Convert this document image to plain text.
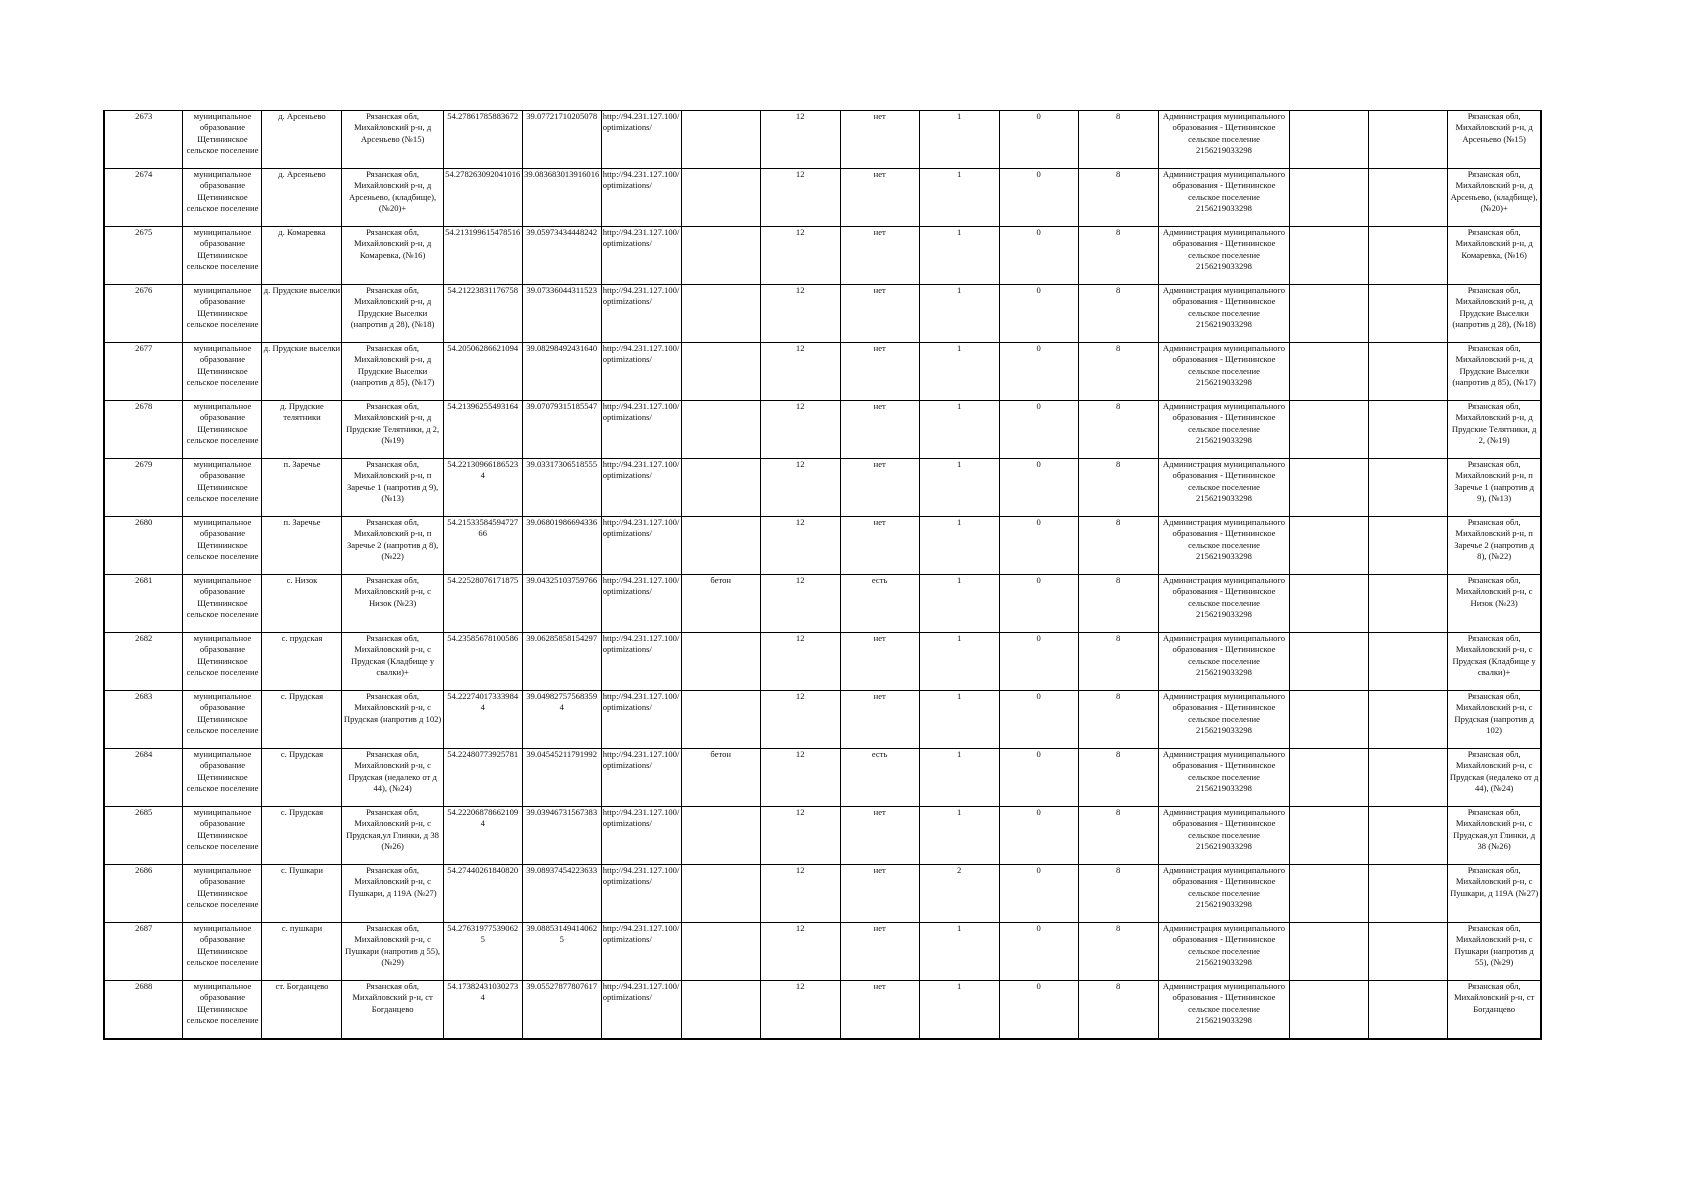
2673	муниципальное образование Щетининское сельское поселение	д. Арсеньево	Рязанская обл, Михайловский р-н, д Арсеньево (№15)	54.27861785883672	39.07721710205078	http://94.231.127.100/optimizations/		12	нет	1	0	8	Администрация муниципального образования - Щетининское сельское поселение 2156219033298			Рязанская обл, Михайловский р-н, д Арсеньево (№15)
2674	муниципальное образование Щетининское сельское поселение	д. Арсеньево	Рязанская обл, Михайловский р-н, д Арсеньево, (кладбище), (№20)+	54.278263092041016	39.083683013916016	http://94.231.127.100/optimizations/		12	нет	1	0	8	Администрация муниципального образования - Щетининское сельское поселение 2156219033298			Рязанская обл, Михайловский р-н, д Арсеньево, (кладбище), (№20)+
2675	муниципальное образование Щетининское сельское поселение	д. Комаревка	Рязанская обл, Михайловский р-н, д Комаревка, (№16)	54.213199615478516	39.05973434448242	http://94.231.127.100/optimizations/		12	нет	1	0	8	Администрация муниципального образования - Щетининское сельское поселение 2156219033298			Рязанская обл, Михайловский р-н, д Комаревка, (№16)
2676	муниципальное образование Щетининское сельское поселение	д. Прудские выселки	Рязанская обл, Михайловский р-н, д Прудские Выселки (напротив д 28), (№18)	54.21223831176758	39.07336044311523	http://94.231.127.100/optimizations/		12	нет	1	0	8	Администрация муниципального образования - Щетининское сельское поселение 2156219033298			Рязанская обл, Михайловский р-н, д Прудские Выселки (напротив д 28), (№18)
2677	муниципальное образование Щетининское сельское поселение	д. Прудские выселки	Рязанская обл, Михайловский р-н, д Прудские Выселки (напротив д 85), (№17)	54.20506286621094	39.08298492431640	http://94.231.127.100/optimizations/		12	нет	1	0	8	Администрация муниципального образования - Щетининское сельское поселение 2156219033298			Рязанская обл, Михайловский р-н, д Прудские Выселки (напротив д 85), (№17)
2678	муниципальное образование Щетининское сельское поселение	д. Прудские телятники	Рязанская обл, Михайловский р-н, д Прудские Телятники, д 2, (№19)	54.21396255493164	39.07079315185547	http://94.231.127.100/optimizations/		12	нет	1	0	8	Администрация муниципального образования - Щетининское сельское поселение 2156219033298			Рязанская обл, Михайловский р-н, д Прудские Телятники, д 2, (№19)
2679	муниципальное образование Щетининское сельское поселение	п. Заречье	Рязанская обл, Михайловский р-н, п Заречье 1 (напротив д 9), (№13)	54.22130966186523 4	39.03317306518555	http://94.231.127.100/optimizations/		12	нет	1	0	8	Администрация муниципального образования - Щетининское сельское поселение 2156219033298			Рязанская обл, Михайловский р-н, п Заречье 1 (напротив д 9), (№13)
2680	муниципальное образование Щетининское сельское поселение	п. Заречье	Рязанская обл, Михайловский р-н, п Заречье 2 (напротив д 8), (№22)	54.21533584594727 66	39.06801986694336	http://94.231.127.100/optimizations/		12	нет	1	0	8	Администрация муниципального образования - Щетининское сельское поселение 2156219033298			Рязанская обл, Михайловский р-н, п Заречье 2 (напротив д 8), (№22)
2681	муниципальное образование Щетининское сельское поселение	с. Низок	Рязанская обл, Михайловский р-н, с Низок (№23)	54.22528076171875	39.04325103759766	http://94.231.127.100/optimizations/	бетон	12	есть	1	0	8	Администрация муниципального образования - Щетининское сельское поселение 2156219033298			Рязанская обл, Михайловский р-н, с Низок (№23)
2682	муниципальное образование Щетининское сельское поселение	с. прудская	Рязанская обл, Михайловский р-н, с Прудская (Кладбище у свалки)+	54.23585678100586	39.06285858154297	http://94.231.127.100/optimizations/		12	нет	1	0	8	Администрация муниципального образования - Щетининское сельское поселение 2156219033298			Рязанская обл, Михайловский р-н, с Прудская (Кладбище у свалки)+
2683	муниципальное образование Щетининское сельское поселение	с. Прудская	Рязанская обл, Михайловский р-н, с Прудская (напротив д 102)	54.22274017333984 4	39.04982757568359 4	http://94.231.127.100/optimizations/		12	нет	1	0	8	Администрация муниципального образования - Щетининское сельское поселение 2156219033298			Рязанская обл, Михайловский р-н, с Прудская (напротив д 102)
2684	муниципальное образование Щетининское сельское поселение	с. Прудская	Рязанская обл, Михайловский р-н, с Прудская (недалеко от д 44), (№24)	54.22480773925781	39.04545211791992	http://94.231.127.100/optimizations/	бетон	12	есть	1	0	8	Администрация муниципального образования - Щетининское сельское поселение 2156219033298			Рязанская обл, Михайловский р-н, с Прудская (недалеко от д 44), (№24)
2685	муниципальное образование Щетининское сельское поселение	с. Прудская	Рязанская обл, Михайловский р-н, с Прудская,ул Глинки, д 38 (№26)	54.22206878662109 4	39.03946731567383	http://94.231.127.100/optimizations/		12	нет	1	0	8	Администрация муниципального образования - Щетининское сельское поселение 2156219033298			Рязанская обл, Михайловский р-н, с Прудская,ул Глинки, д 38 (№26)
2686	муниципальное образование Щетининское сельское поселение	с. Пушкари	Рязанская обл, Михайловский р-н, с Пушкари, д 119А (№27)	54.27440261840820	39.08937454223633	http://94.231.127.100/optimizations/		12	нет	2	0	8	Администрация муниципального образования - Щетининское сельское поселение 2156219033298			Рязанская обл, Михайловский р-н, с Пушкари, д 119А (№27)
2687	муниципальное образование Щетининское сельское поселение	с. пушкари	Рязанская обл, Михайловский р-н, с Пушкари (напротив д 55), (№29)	54.27631977539062 5	39.08853149414062 5	http://94.231.127.100/optimizations/		12	нет	1	0	8	Администрация муниципального образования - Щетининское сельское поселение 2156219033298			Рязанская обл, Михайловский р-н, с Пушкари (напротив д 55), (№29)
2688	муниципальное образование Щетининское сельское поселение	ст. Богданцево	Рязанская обл, Михайловский р-н, ст Богданцево	54.17382431030273 4	39.05527877807617	http://94.231.127.100/optimizations/		12	нет	1	0	8	Администрация муниципального образования - Щетининское сельское поселение 2156219033298			Рязанская обл, Михайловский р-н, ст Богданцево
